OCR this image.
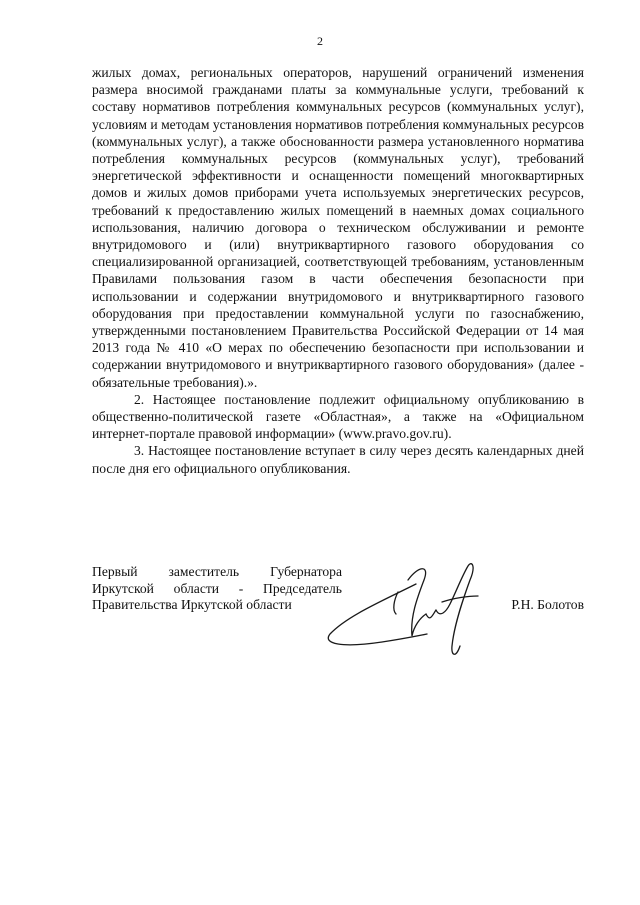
2

жилых домах, региональных операторов, нарушений ограничений изменения размера вносимой гражданами платы за коммунальные услуги, требований к составу нормативов потребления коммунальных ресурсов (коммунальных услуг), условиям и методам установления нормативов потребления коммунальных ресурсов (коммунальных услуг), а также обоснованности размера установленного норматива потребления коммунальных ресурсов (коммунальных услуг), требований энергетической эффективности и оснащенности помещений многоквартирных домов и жилых домов приборами учета используемых энергетических ресурсов, требований к предоставлению жилых помещений в наемных домах социального использования, наличию договора о техническом обслуживании и ремонте внутридомового и (или) внутриквартирного газового оборудования со специализированной организацией, соответствующей требованиям, установленным Правилами пользования газом в части обеспечения безопасности при использовании и содержании внутридомового и внутриквартирного газового оборудования при предоставлении коммунальной услуги по газоснабжению, утвержденными постановлением Правительства Российской Федерации от 14 мая 2013 года № 410 «О мерах по обеспечению безопасности при использовании и содержании внутридомового и внутриквартирного газового оборудования» (далее - обязательные требования).».

2. Настоящее постановление подлежит официальному опубликованию в общественно-политической газете «Областная», а также на «Официальном интернет-портале правовой информации» (www.pravo.gov.ru).

3. Настоящее постановление вступает в силу через десять календарных дней после дня его официального опубликования.

Первый заместитель Губернатора
Иркутской области - Председатель
Правительства Иркутской области	Р.Н. Болотов
